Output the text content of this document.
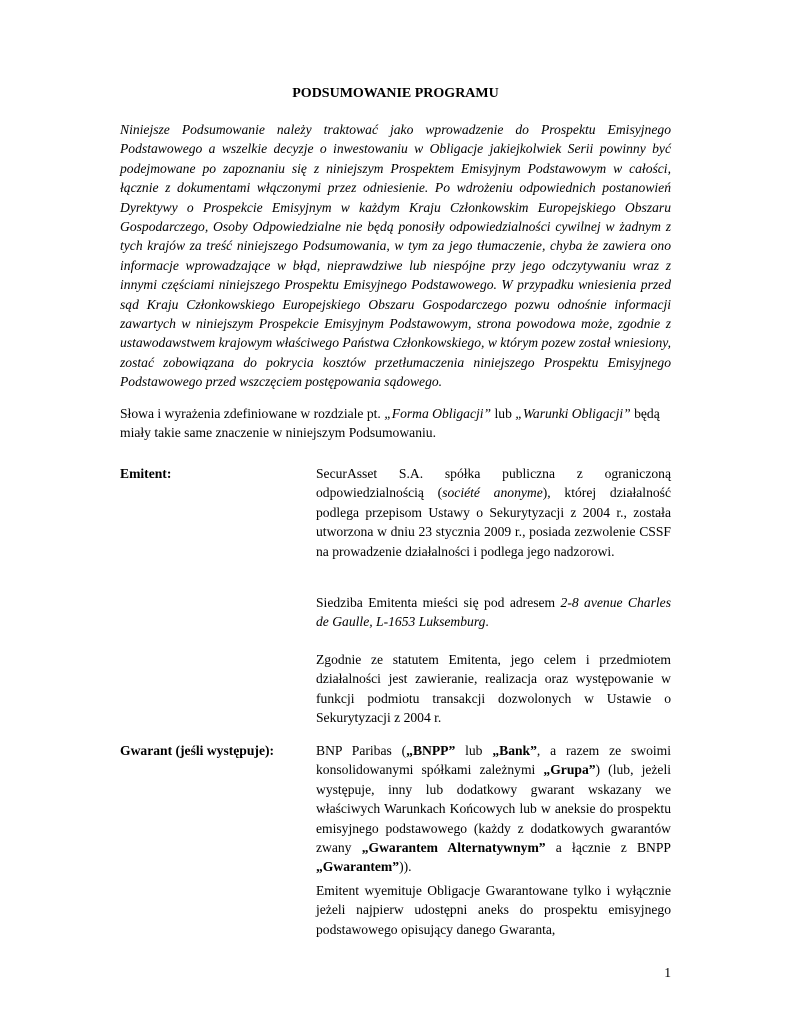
PODSUMOWANIE PROGRAMU

Niniejsze Podsumowanie należy traktować jako wprowadzenie do Prospektu Emisyjnego Podstawowego a wszelkie decyzje o inwestowaniu w Obligacje jakiejkolwiek Serii powinny być podejmowane po zapoznaniu się z niniejszym Prospektem Emisyjnym Podstawowym w całości, łącznie z dokumentami włączonymi przez odniesienie. Po wdrożeniu odpowiednich postanowień Dyrektywy o Prospekcie Emisyjnym w każdym Kraju Członkowskim Europejskiego Obszaru Gospodarczego, Osoby Odpowiedzialne nie będą ponosiły odpowiedzialności cywilnej w żadnym z tych krajów za treść niniejszego Podsumowania, w tym za jego tłumaczenie, chyba że zawiera ono informacje wprowadzające w błąd, nieprawdziwe lub niespójne przy jego odczytywaniu wraz z innymi częściami niniejszego Prospektu Emisyjnego Podstawowego. W przypadku wniesienia przed sąd Kraju Członkowskiego Europejskiego Obszaru Gospodarczego pozwu odnośnie informacji zawartych w niniejszym Prospekcie Emisyjnym Podstawowym, strona powodowa może, zgodnie z ustawodawstwem krajowym właściwego Państwa Członkowskiego, w którym pozew został wniesiony, zostać zobowiązana do pokrycia kosztów przetłumaczenia niniejszego Prospektu Emisyjnego Podstawowego przed wszczęciem postępowania sądowego.

Słowa i wyrażenia zdefiniowane w rozdziale pt. „Forma Obligacji” lub „Warunki Obligacji” będą miały takie same znaczenie w niniejszym Podsumowaniu.

Emitent:	SecurAsset S.A. spółka publiczna z ograniczoną odpowiedzialnością (société anonyme), której działalność podlega przepisom Ustawy o Sekurytyzacji z 2004 r., została utworzona w dniu 23 stycznia 2009 r., posiada zezwolenie CSSF na prowadzenie działalności i podlega jego nadzorowi.

Siedziba Emitenta mieści się pod adresem 2-8 avenue Charles de Gaulle, L-1653 Luksemburg.

Zgodnie ze statutem Emitenta, jego celem i przedmiotem działalności jest zawieranie, realizacja oraz występowanie w funkcji podmiotu transakcji dozwolonych w Ustawie o Sekurytyzacji z 2004 r.

Gwarant (jeśli występuje):	BNP Paribas („BNPP” lub „Bank”, a razem ze swoimi konsolidowanymi spółkami zależnymi „Grupa”) (lub, jeżeli występuje, inny lub dodatkowy gwarant wskazany we właściwych Warunkach Końcowych lub w aneksie do prospektu emisyjnego podstawowego (każdy z dodatkowych gwarantów zwany „Gwarantem Alternatywnym” a łącznie z BNPP „Gwarantem”)).

Emitent wyemituje Obligacje Gwarantowane tylko i wyłącznie jeżeli najpierw udostępni aneks do prospektu emisyjnego podstawowego opisujący danego Gwaranta,

1
